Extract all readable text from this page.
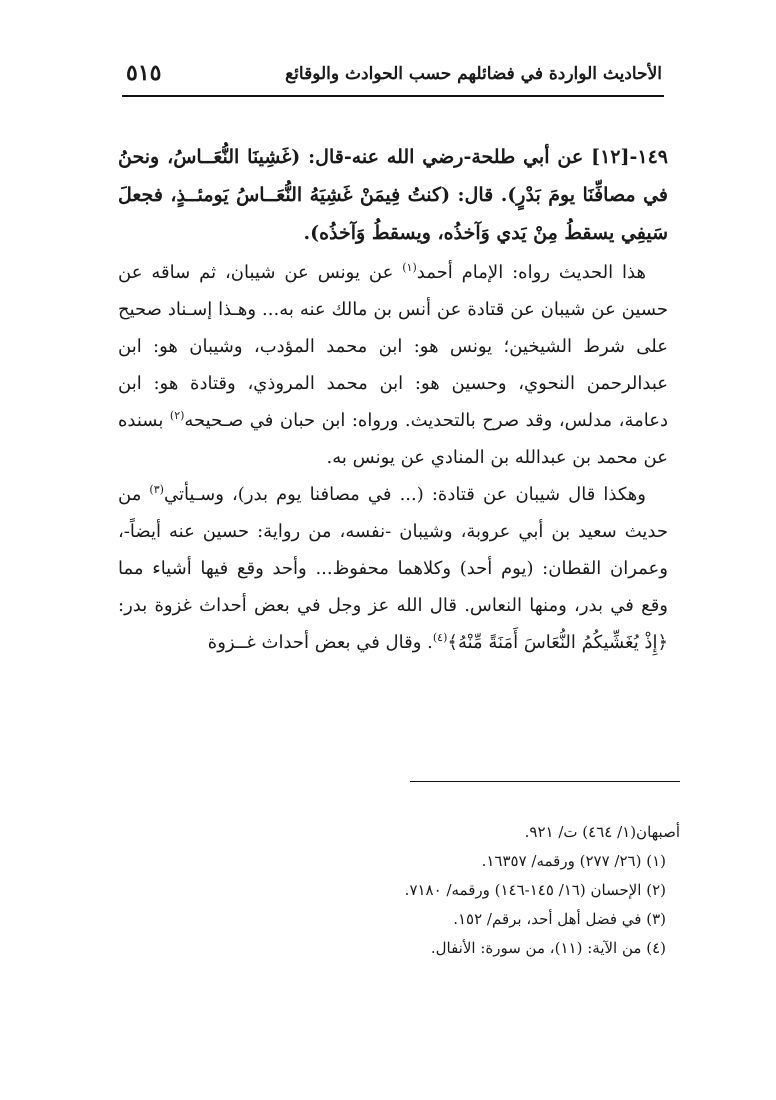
الأحاديث الواردة في فضائلهم حسب الحوادث والوقائع
٥١٥

١٤٩-[١٢] عن أبي طلحة-رضي الله عنه-قال: (غَشِينَا النُّعَــاسُ، ونحنُ في مصافِّنَا يومَ بَدْرٍ). قال: (كنتُ فِيمَنْ غَشِيَهُ النُّعَــاسُ يَومئــذٍ، فجعلَ سَيفِي يسقطُ مِنْ يَدي وَآخذُه، ويسقطُ وَآخذُه).

هذا الحديث رواه: الإمام أحمد$^{(١)}$ عن يونس عن شيبان، ثم ساقه عن حسين عن شيبان عن قتادة عن أنس بن مالك عنه به... وهـذا إسـناد صحيح على شرط الشيخين؛ يونس هو: ابن محمد المؤدب، وشيبان هو: ابن عبدالرحمن النحوي، وحسين هو: ابن محمد المروذي، وقتادة هو: ابن دعامة، مدلس، وقد صرح بالتحديث. ورواه: ابن حبان في صـحيحه$^{(٢)}$ بسنده عن محمد بن عبدالله بن المنادي عن يونس به.

وهكذا قال شيبان عن قتادة: (... في مصافنا يوم بدر)، وسـيأتي$^{(٣)}$ من حديث سعيد بن أبي عروبة، وشيبان -نفسه، من رواية: حسين عنه أيضاً-، وعمران القطان: (يوم أحد) وكلاهما محفوظ... وأحد وقع فيها أشياء مما وقع في بدر، ومنها النعاس. قال الله عز وجل في بعض أحداث غزوة بدر: ﴿إِذْ يُغَشِّيكُمُ النُّعَاسَ أَمَنَةً مِّنْهُ﴾$^{(٤)}$. وقال في بعض أحداث غــزوة

أصبهان(١/ ٤٦٤) ت/ ٩٢١.
(١) (٢٦/ ٢٧٧) ورقمه/ ١٦٣٥٧.
(٢) الإحسان (١٦/ ١٤٥-١٤٦) ورقمه/ ٧١٨٠.
(٣) في فضل أهل أحد، برقم/ ١٥٢.
(٤) من الآية: (١١)، من سورة: الأنفال.
